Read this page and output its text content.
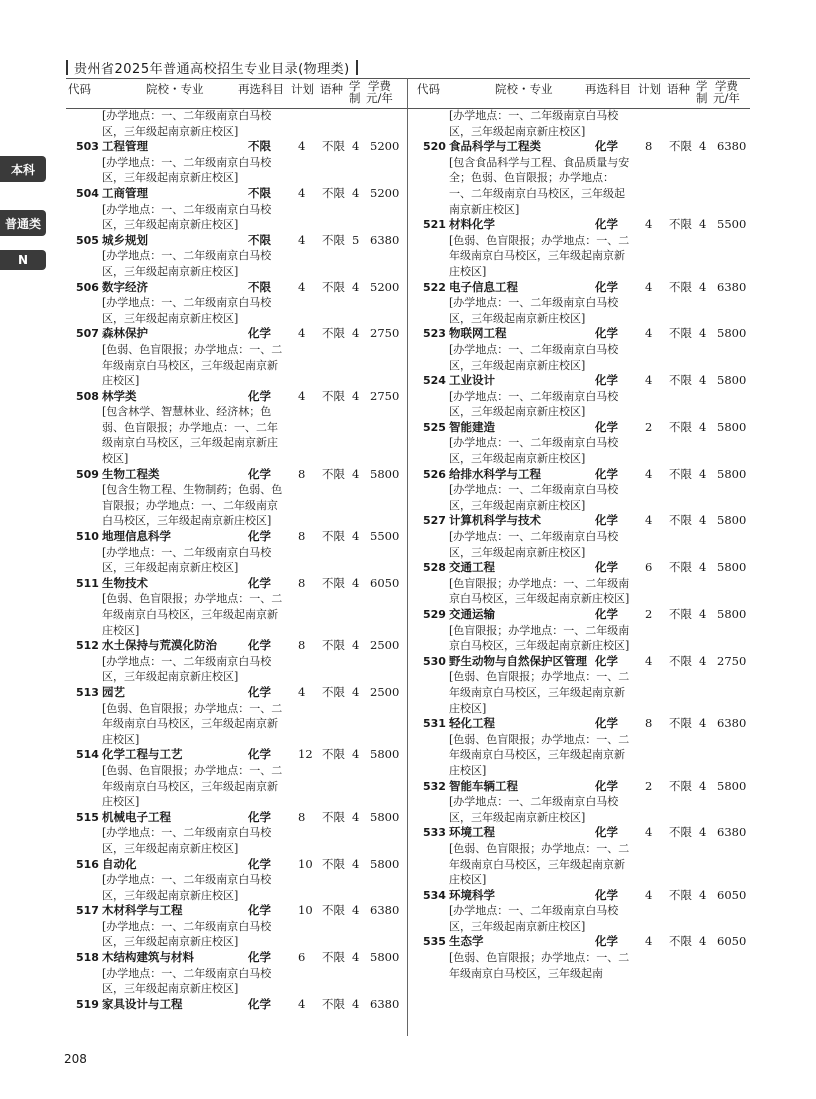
贵州省2025年普通高校招生专业目录(物理类)
代码	院校・专业	再选科目 计划 语种 学
制
学费
元/年
代码	院校・专业	再选科目 计划 语种 学
制
学费
元/年
本科
普通类
N
[办学地点：一、二年级南京白马校区，三年级起南京新庄校区]
503 工程管理	不限 4 不限 4 5200
[办学地点：一、二年级南京白马校区，三年级起南京新庄校区]
504 工商管理	不限 4 不限 4 5200
[办学地点：一、二年级南京白马校区，三年级起南京新庄校区]
505 城乡规划	不限 4 不限 5 6380
[办学地点：一、二年级南京白马校区，三年级起南京新庄校区]
506 数字经济	不限 4 不限 4 5200
[办学地点：一、二年级南京白马校区，三年级起南京新庄校区]
507 森林保护	化学 4 不限 4 2750
[色弱、色盲限报；办学地点：一、二年级南京白马校区，三年级起南京新庄校区]
508 林学类	化学 4 不限 4 2750
[包含林学、智慧林业、经济林；色弱、色盲限报；办学地点：一、二年级南京白马校区，三年级起南京新庄校区]
509 生物工程类	化学 8 不限 4 5800
[包含生物工程、生物制药；色弱、色盲限报；办学地点：一、二年级南京白马校区，三年级起南京新庄校区]
510 地理信息科学	化学 8 不限 4 5500
[办学地点：一、二年级南京白马校区，三年级起南京新庄校区]
511 生物技术	化学 8 不限 4 6050
[色弱、色盲限报；办学地点：一、二年级南京白马校区，三年级起南京新庄校区]
512 水土保持与荒漠化防治	化学 8 不限 4 2500
[办学地点：一、二年级南京白马校区，三年级起南京新庄校区]
513 园艺	化学 4 不限 4 2500
[色弱、色盲限报；办学地点：一、二年级南京白马校区，三年级起南京新庄校区]
514 化学工程与工艺	化学 12 不限 4 5800
[色弱、色盲限报；办学地点：一、二年级南京白马校区，三年级起南京新庄校区]
515 机械电子工程	化学 8 不限 4 5800
[办学地点：一、二年级南京白马校区，三年级起南京新庄校区]
516 自动化	化学 10 不限 4 5800
[办学地点：一、二年级南京白马校区，三年级起南京新庄校区]
517 木材科学与工程	化学 10 不限 4 6380
[办学地点：一、二年级南京白马校区，三年级起南京新庄校区]
518 木结构建筑与材料	化学 6 不限 4 5800
[办学地点：一、二年级南京白马校区，三年级起南京新庄校区]
519 家具设计与工程	化学 4 不限 4 6380
[办学地点：一、二年级南京白马校区，三年级起南京新庄校区]
520 食品科学与工程类	化学 8 不限 4 6380
[包含食品科学与工程、食品质量与安全；色弱、色盲限报；办学地点：一、二年级南京白马校区，三年级起南京新庄校区]
521 材料化学	化学 4 不限 4 5500
[色弱、色盲限报；办学地点：一、二年级南京白马校区，三年级起南京新庄校区]
522 电子信息工程	化学 4 不限 4 6380
[办学地点：一、二年级南京白马校区，三年级起南京新庄校区]
523 物联网工程	化学 4 不限 4 5800
[办学地点：一、二年级南京白马校区，三年级起南京新庄校区]
524 工业设计	化学 4 不限 4 5800
[办学地点：一、二年级南京白马校区，三年级起南京新庄校区]
525 智能建造	化学 2 不限 4 5800
[办学地点：一、二年级南京白马校区，三年级起南京新庄校区]
526 给排水科学与工程	化学 4 不限 4 5800
[办学地点：一、二年级南京白马校区，三年级起南京新庄校区]
527 计算机科学与技术	化学 4 不限 4 5800
[办学地点：一、二年级南京白马校区，三年级起南京新庄校区]
528 交通工程	化学 6 不限 4 5800
[色盲限报；办学地点：一、二年级南京白马校区，三年级起南京新庄校区]
529 交通运输	化学 2 不限 4 5800
[色盲限报；办学地点：一、二年级南京白马校区，三年级起南京新庄校区]
530 野生动物与自然保护区管理 化学 4 不限 4 2750
[色弱、色盲限报；办学地点：一、二年级南京白马校区，三年级起南京新庄校区]
531 轻化工程	化学 8 不限 4 6380
[色弱、色盲限报；办学地点：一、二年级南京白马校区，三年级起南京新庄校区]
532 智能车辆工程	化学 2 不限 4 5800
[办学地点：一、二年级南京白马校区，三年级起南京新庄校区]
533 环境工程	化学 4 不限 4 6380
[色弱、色盲限报；办学地点：一、二年级南京白马校区，三年级起南京新庄校区]
534 环境科学	化学 4 不限 4 6050
[办学地点：一、二年级南京白马校区，三年级起南京新庄校区]
535 生态学	化学 4 不限 4 6050
[色弱、色盲限报；办学地点：一、二年级南京白马校区，三年级起南
208
